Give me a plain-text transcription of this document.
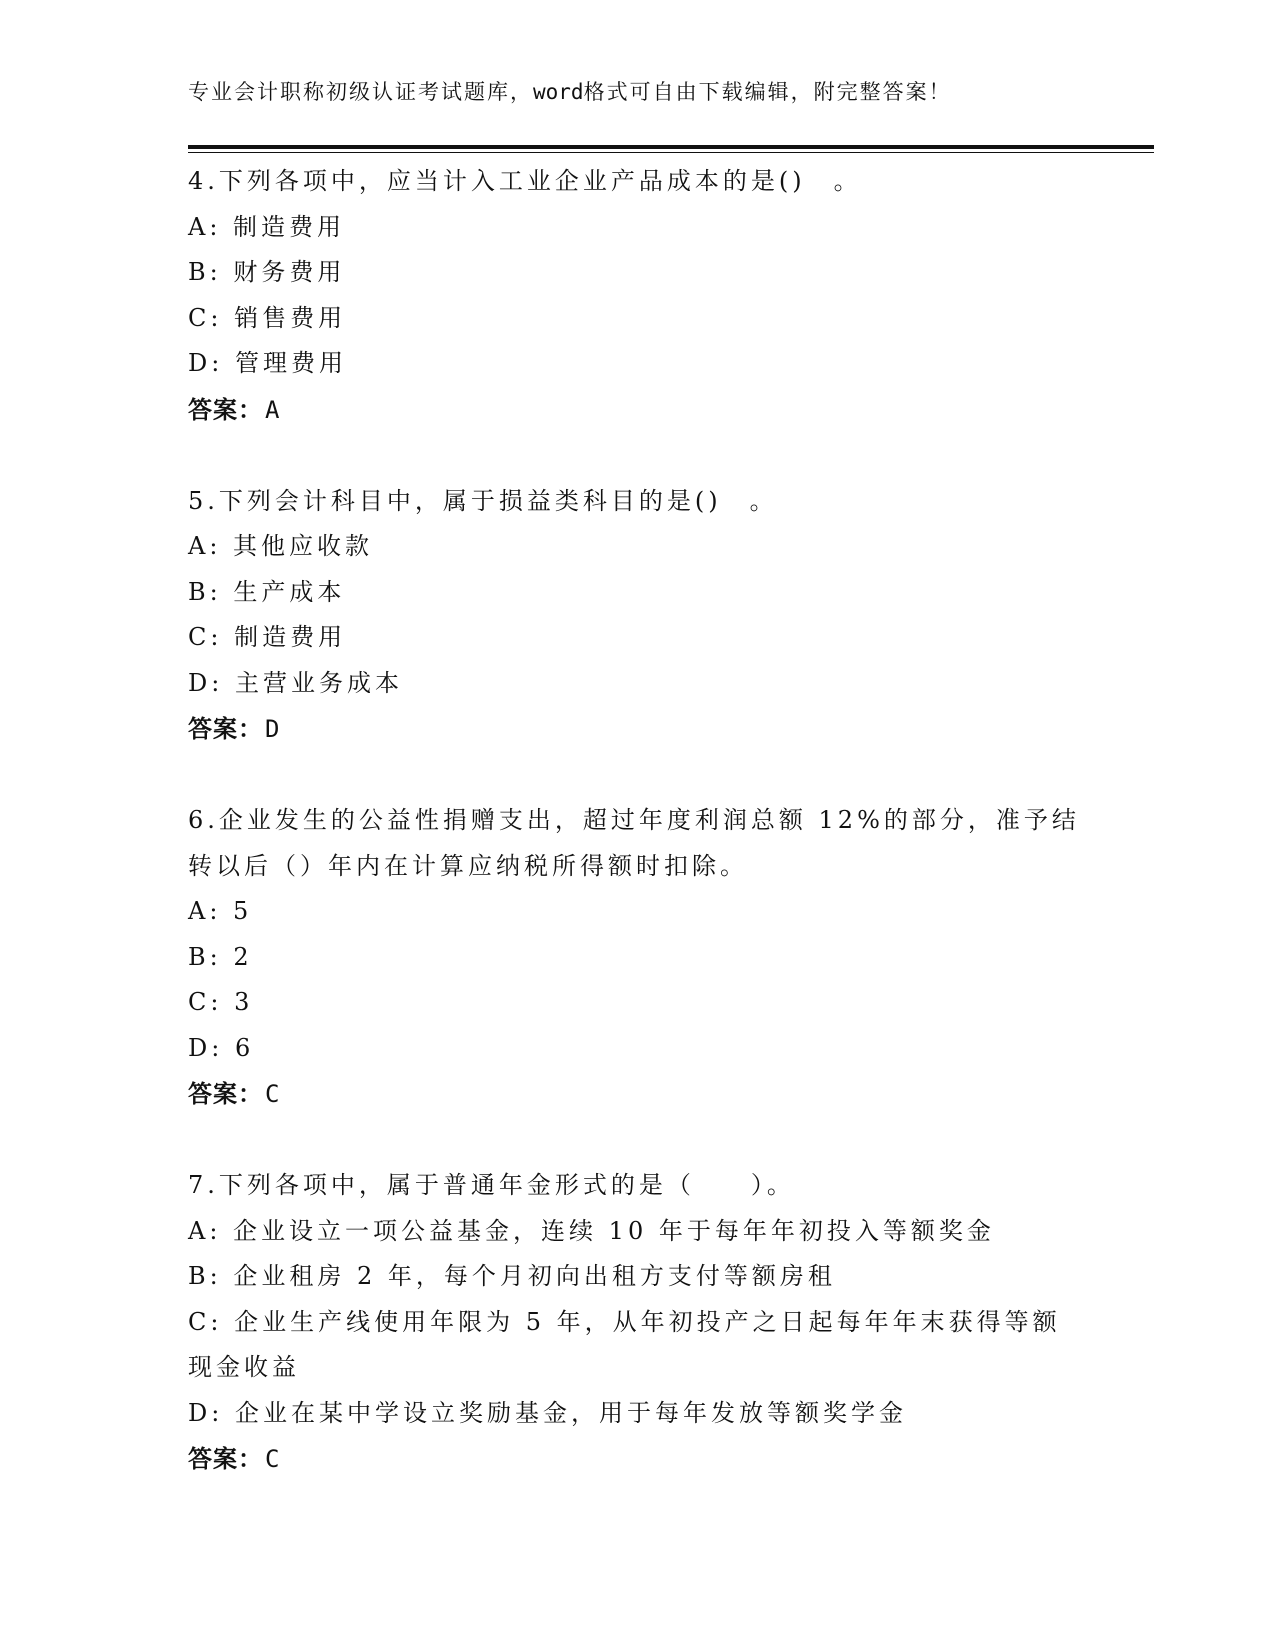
专业会计职称初级认证考试题库，word格式可自由下载编辑，附完整答案！
4.下列各项中，应当计入工业企业产品成本的是()　。
A: 制造费用
B: 财务费用
C: 销售费用
D: 管理费用
答案：A
5.下列会计科目中，属于损益类科目的是()　。
A: 其他应收款
B: 生产成本
C: 制造费用
D: 主营业务成本
答案：D
6.企业发生的公益性捐赠支出，超过年度利润总额 12%的部分，准予结
转以后（）年内在计算应纳税所得额时扣除。
A: 5
B: 2
C: 3
D: 6
答案：C
7.下列各项中，属于普通年金形式的是（　　）。
A: 企业设立一项公益基金，连续 10 年于每年年初投入等额奖金
B: 企业租房 2 年，每个月初向出租方支付等额房租
C: 企业生产线使用年限为 5 年，从年初投产之日起每年年末获得等额
现金收益
D: 企业在某中学设立奖励基金，用于每年发放等额奖学金
答案：C
